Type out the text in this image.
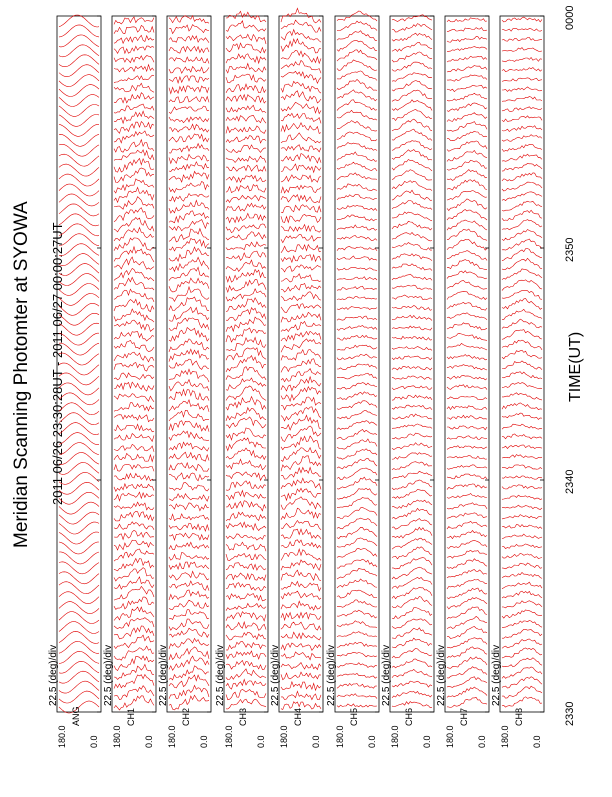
Meridian Scanning Photomter at SYOWA 2011 06/26 23:30:28UT - 2011 06/27 00:00:27UT	TIME(UT)
180.0 0.0
ANG
22.5 (deg)/div
180.0 0.0
CH1
22.5 (deg)/div
180.0 0.0
CH2
22.5 (deg)/div
180.0 0.0
CH3
22.5 (deg)/div
180.0 0.0
CH4
22.5 (deg)/div
180.0 0.0
CH5
22.5 (deg)/div
180.0 0.0
CH6
22.5 (deg)/div
180.0 0.0
CH7
22.5 (deg)/div
180.0 0.0
CH8
22.5 (deg)/div
2330
2340
2350
0000
